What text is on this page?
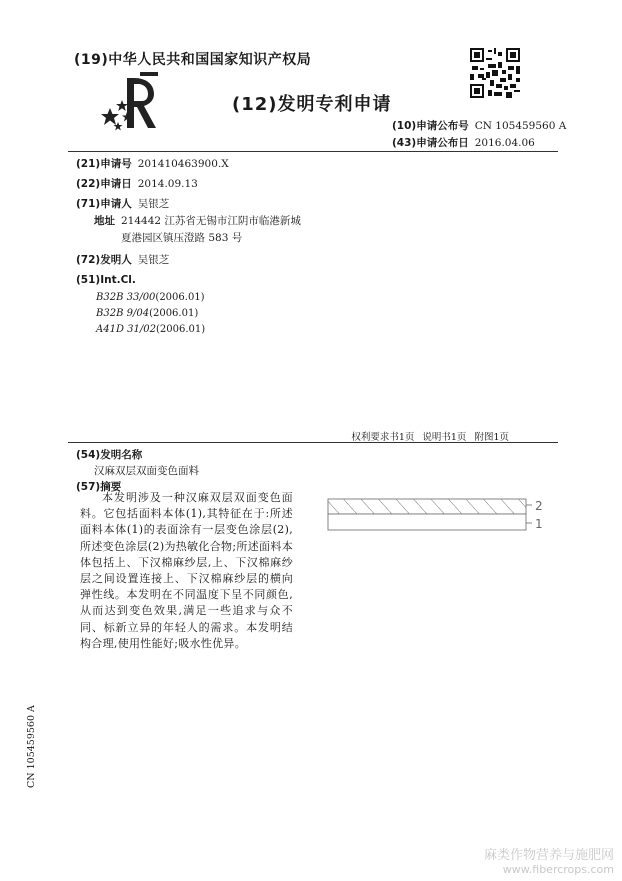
(19)中华人民共和国国家知识产权局
(12)发明专利申请
(10)申请公布号 CN 105459560 A
(43)申请公布日 2016.04.06
(21)申请号 201410463900.X
(22)申请日 2014.09.13
(71)申请人 吴银芝
地址 214442 江苏省无锡市江阴市临港新城
夏港园区镇压澄路 583 号
(72)发明人 吴银芝
(51)Int.Cl.
B32B 33/00(2006.01)
B32B 9/04(2006.01)
A41D 31/02(2006.01)
权利要求书1页 说明书1页 附图1页
(54)发明名称
汉麻双层双面变色面料
(57)摘要

本发明涉及一种汉麻双层双面变色面料。它包括面料本体(1),其特征在于:所述面料本体(1)的表面涂有一层变色涂层(2),所述变色涂层(2)为热敏化合物;所述面料本体包括上、下汉棉麻纱层,上、下汉棉麻纱层之间设置连接上、下汉棉麻纱层的横向弹性线。本发明在不同温度下呈不同颜色,从而达到变色效果,满足一些追求与众不同、标新立异的年轻人的需求。本发明结构合理,使用性能好;吸水性优异。

2
1
CN 105459560 A
麻类作物营养与施肥网
www.fibercrops.com
